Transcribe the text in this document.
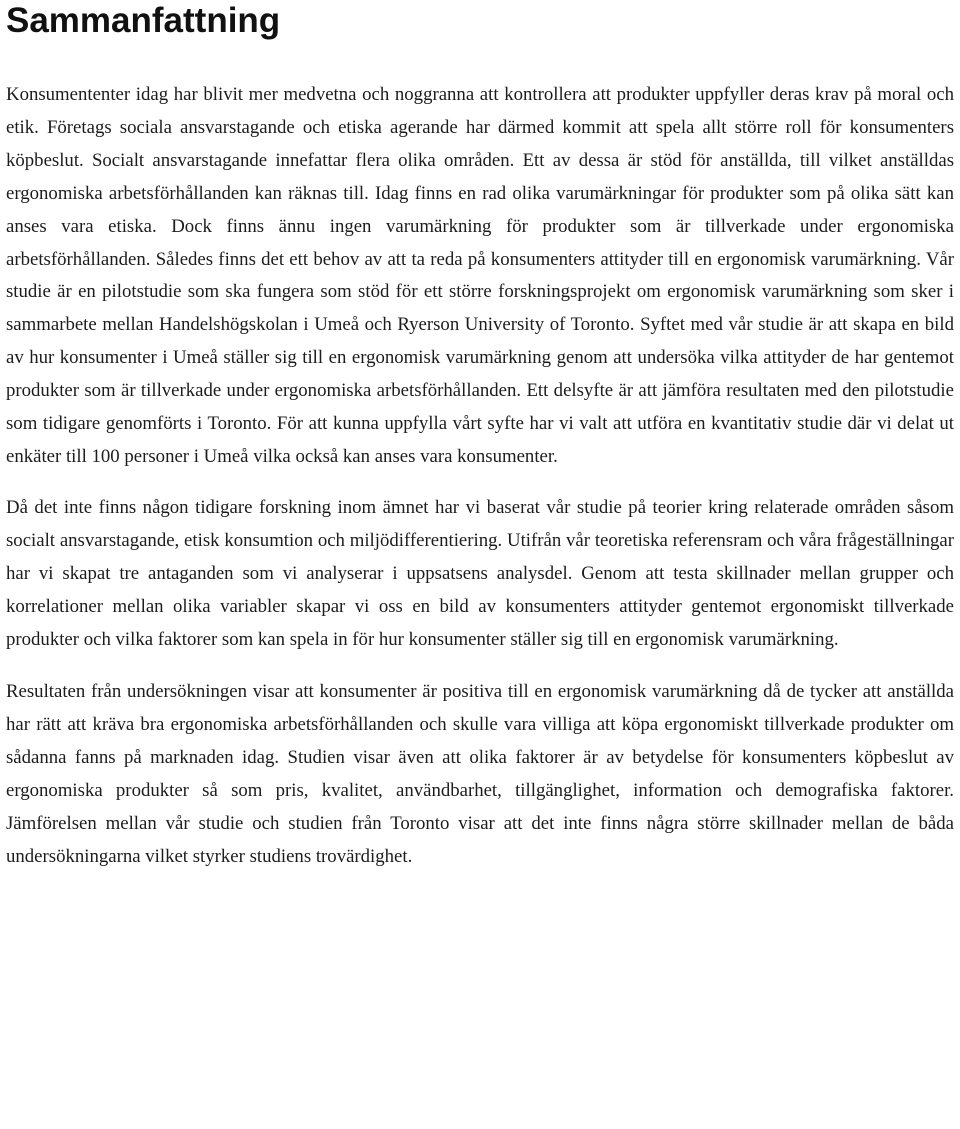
Sammanfattning

Konsumententer idag har blivit mer medvetna och noggranna att kontrollera att produkter uppfyller deras krav på moral och etik. Företags sociala ansvarstagande och etiska agerande har därmed kommit att spela allt större roll för konsumenters köpbeslut. Socialt ansvarstagande innefattar flera olika områden. Ett av dessa är stöd för anställda, till vilket anställdas ergonomiska arbetsförhållanden kan räknas till. Idag finns en rad olika varumärkningar för produkter som på olika sätt kan anses vara etiska. Dock finns ännu ingen varumärkning för produkter som är tillverkade under ergonomiska arbetsförhållanden. Således finns det ett behov av att ta reda på konsumenters attityder till en ergonomisk varumärkning. Vår studie är en pilotstudie som ska fungera som stöd för ett större forskningsprojekt om ergonomisk varumärkning som sker i sammarbete mellan Handelshögskolan i Umeå och Ryerson University of Toronto. Syftet med vår studie är att skapa en bild av hur konsumenter i Umeå ställer sig till en ergonomisk varumärkning genom att undersöka vilka attityder de har gentemot produkter som är tillverkade under ergonomiska arbetsförhållanden. Ett delsyfte är att jämföra resultaten med den pilotstudie som tidigare genomförts i Toronto. För att kunna uppfylla vårt syfte har vi valt att utföra en kvantitativ studie där vi delat ut enkäter till 100 personer i Umeå vilka också kan anses vara konsumenter.

Då det inte finns någon tidigare forskning inom ämnet har vi baserat vår studie på teorier kring relaterade områden såsom socialt ansvarstagande, etisk konsumtion och miljödifferentiering. Utifrån vår teoretiska referensram och våra frågeställningar har vi skapat tre antaganden som vi analyserar i uppsatsens analysdel. Genom att testa skillnader mellan grupper och korrelationer mellan olika variabler skapar vi oss en bild av konsumenters attityder gentemot ergonomiskt tillverkade produkter och vilka faktorer som kan spela in för hur konsumenter ställer sig till en ergonomisk varumärkning.

Resultaten från undersökningen visar att konsumenter är positiva till en ergonomisk varumärkning då de tycker att anställda har rätt att kräva bra ergonomiska arbetsförhållanden och skulle vara villiga att köpa ergonomiskt tillverkade produkter om sådanna fanns på marknaden idag. Studien visar även att olika faktorer är av betydelse för konsumenters köpbeslut av ergonomiska produkter så som pris, kvalitet, användbarhet, tillgänglighet, information och demografiska faktorer. Jämförelsen mellan vår studie och studien från Toronto visar att det inte finns några större skillnader mellan de båda undersökningarna vilket styrker studiens trovärdighet.
